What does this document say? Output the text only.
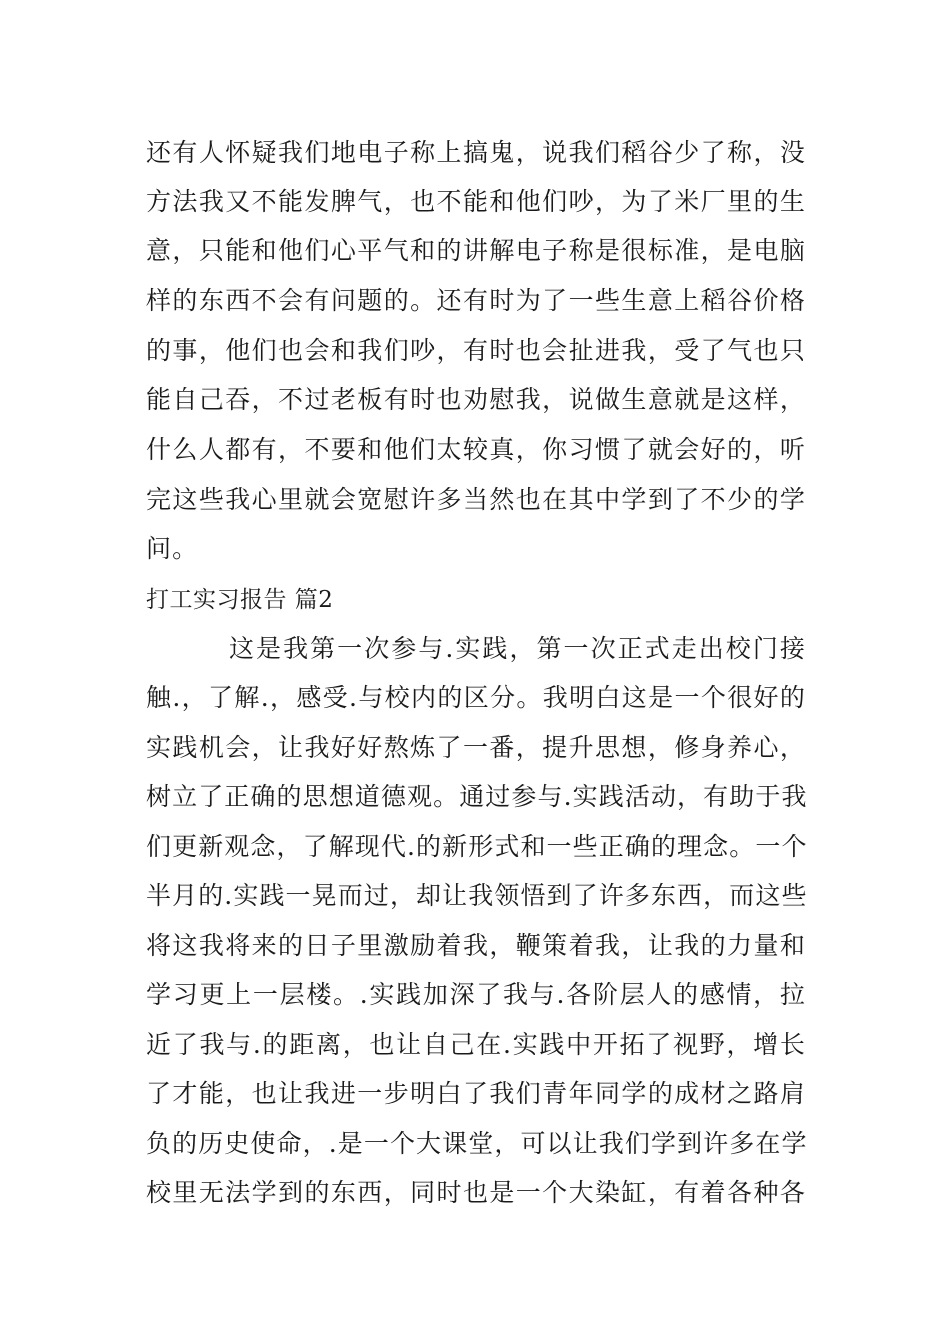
还有人怀疑我们地电子称上搞鬼，说我们稻谷少了称，没
方法我又不能发脾气，也不能和他们吵，为了米厂里的生
意，只能和他们心平气和的讲解电子称是很标准，是电脑
样的东西不会有问题的。还有时为了一些生意上稻谷价格
的事，他们也会和我们吵，有时也会扯进我，受了气也只
能自己吞，不过老板有时也劝慰我，说做生意就是这样，
什么人都有，不要和他们太较真，你习惯了就会好的，听
完这些我心里就会宽慰许多当然也在其中学到了不少的学
问。
打工实习报告 篇2
这是我第一次参与.实践，第一次正式走出校门接
触.，了解.，感受.与校内的区分。我明白这是一个很好的
实践机会，让我好好熬炼了一番，提升思想，修身养心，
树立了正确的思想道德观。通过参与.实践活动，有助于我
们更新观念，了解现代.的新形式和一些正确的理念。一个
半月的.实践一晃而过，却让我领悟到了许多东西，而这些
将这我将来的日子里激励着我，鞭策着我，让我的力量和
学习更上一层楼。.实践加深了我与.各阶层人的感情，拉
近了我与.的距离，也让自己在.实践中开拓了视野，增长
了才能，也让我进一步明白了我们青年同学的成材之路肩
负的历史使命，.是一个大课堂，可以让我们学到许多在学
校里无法学到的东西，同时也是一个大染缸，有着各种各
